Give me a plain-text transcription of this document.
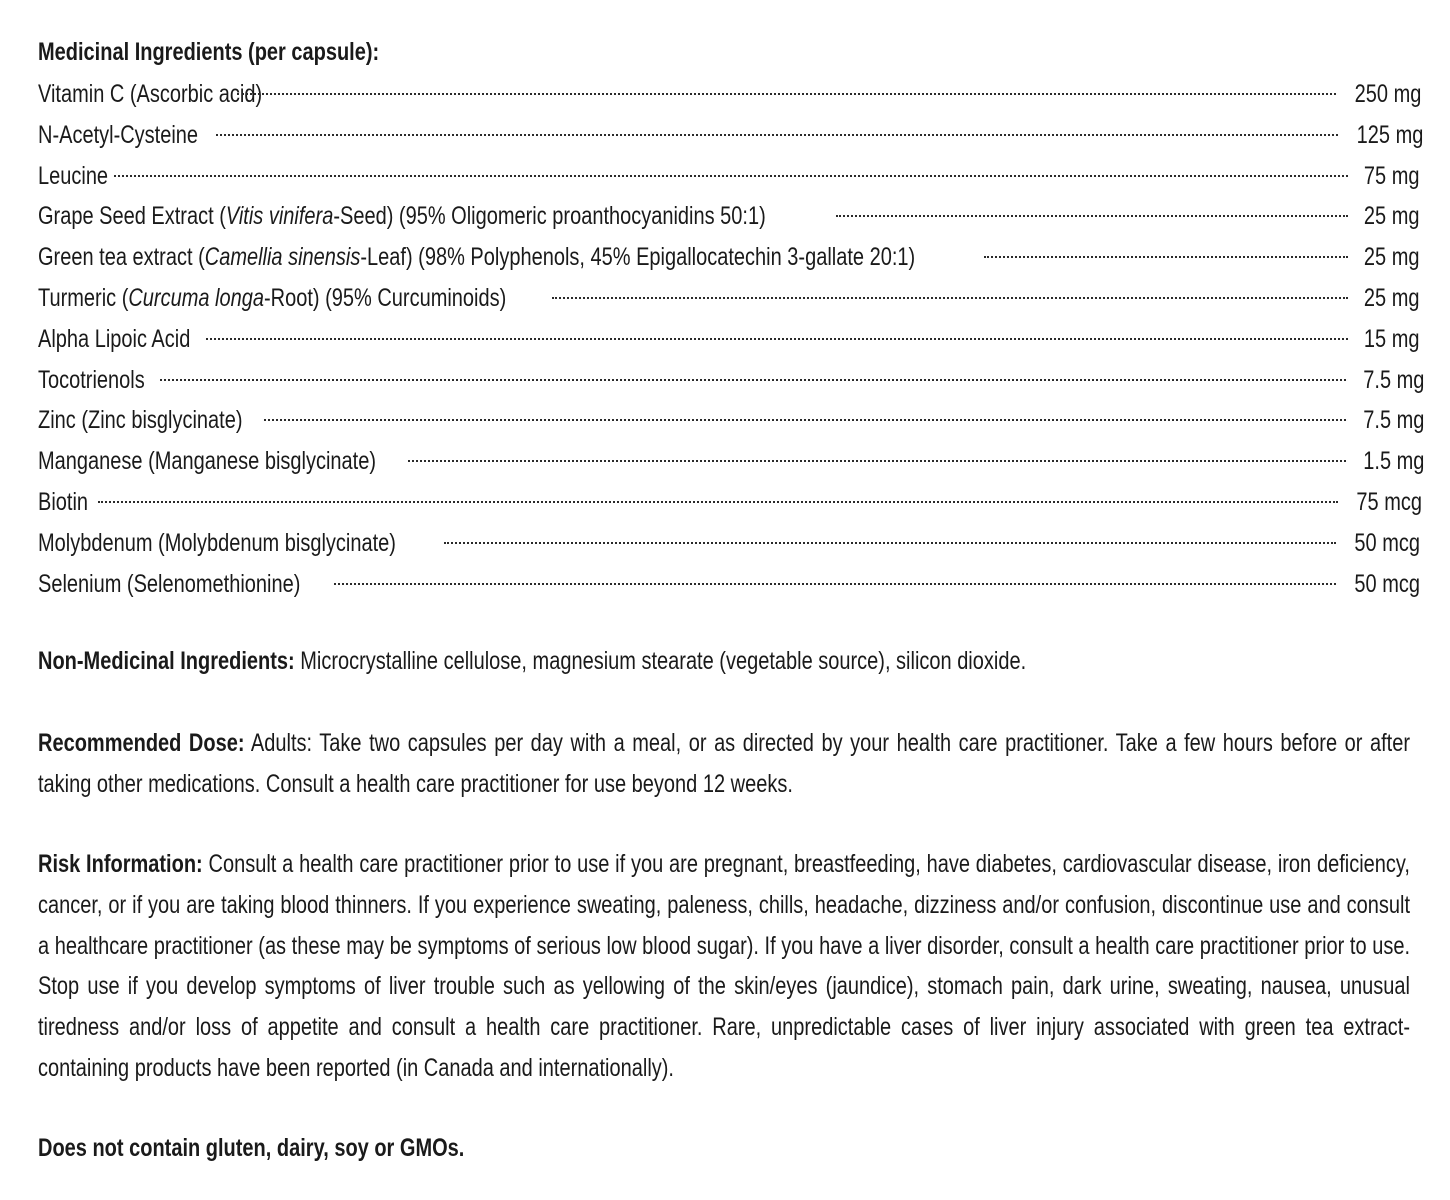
Medicinal Ingredients (per capsule):
Vitamin C (Ascorbic acid)	250 mg
N-Acetyl-Cysteine	125 mg
Leucine	75 mg
Grape Seed Extract (Vitis vinifera-Seed) (95% Oligomeric proanthocyanidins 50:1)	25 mg
Green tea extract (Camellia sinensis-Leaf) (98% Polyphenols, 45% Epigallocatechin 3-gallate 20:1)	25 mg
Turmeric (Curcuma longa-Root) (95% Curcuminoids)	25 mg
Alpha Lipoic Acid	15 mg
Tocotrienols	7.5 mg
Zinc (Zinc bisglycinate)	7.5 mg
Manganese (Manganese bisglycinate)	1.5 mg
Biotin	75 mcg
Molybdenum (Molybdenum bisglycinate)	50 mcg
Selenium (Selenomethionine)	50 mcg
Non-Medicinal Ingredients: Microcrystalline cellulose, magnesium stearate (vegetable source), silicon dioxide.
Recommended Dose: Adults: Take two capsules per day with a meal, or as directed by your health care practitioner. Take a few hours before or after taking other medications. Consult a health care practitioner for use beyond 12 weeks.
Risk Information: Consult a health care practitioner prior to use if you are pregnant, breastfeeding, have diabetes, cardiovascular disease, iron deficiency, cancer, or if you are taking blood thinners. If you experience sweating, paleness, chills, headache, dizziness and/or confusion, discontinue use and consult a healthcare practitioner (as these may be symptoms of serious low blood sugar). If you have a liver disorder, consult a health care practitioner prior to use. Stop use if you develop symptoms of liver trouble such as yellowing of the skin/eyes (jaundice), stomach pain, dark urine, sweating, nausea, unusual tiredness and/or loss of appetite and consult a health care practitioner. Rare, unpredictable cases of liver injury associated with green tea extract-containing products have been reported (in Canada and internationally).
Does not contain gluten, dairy, soy or GMOs.
